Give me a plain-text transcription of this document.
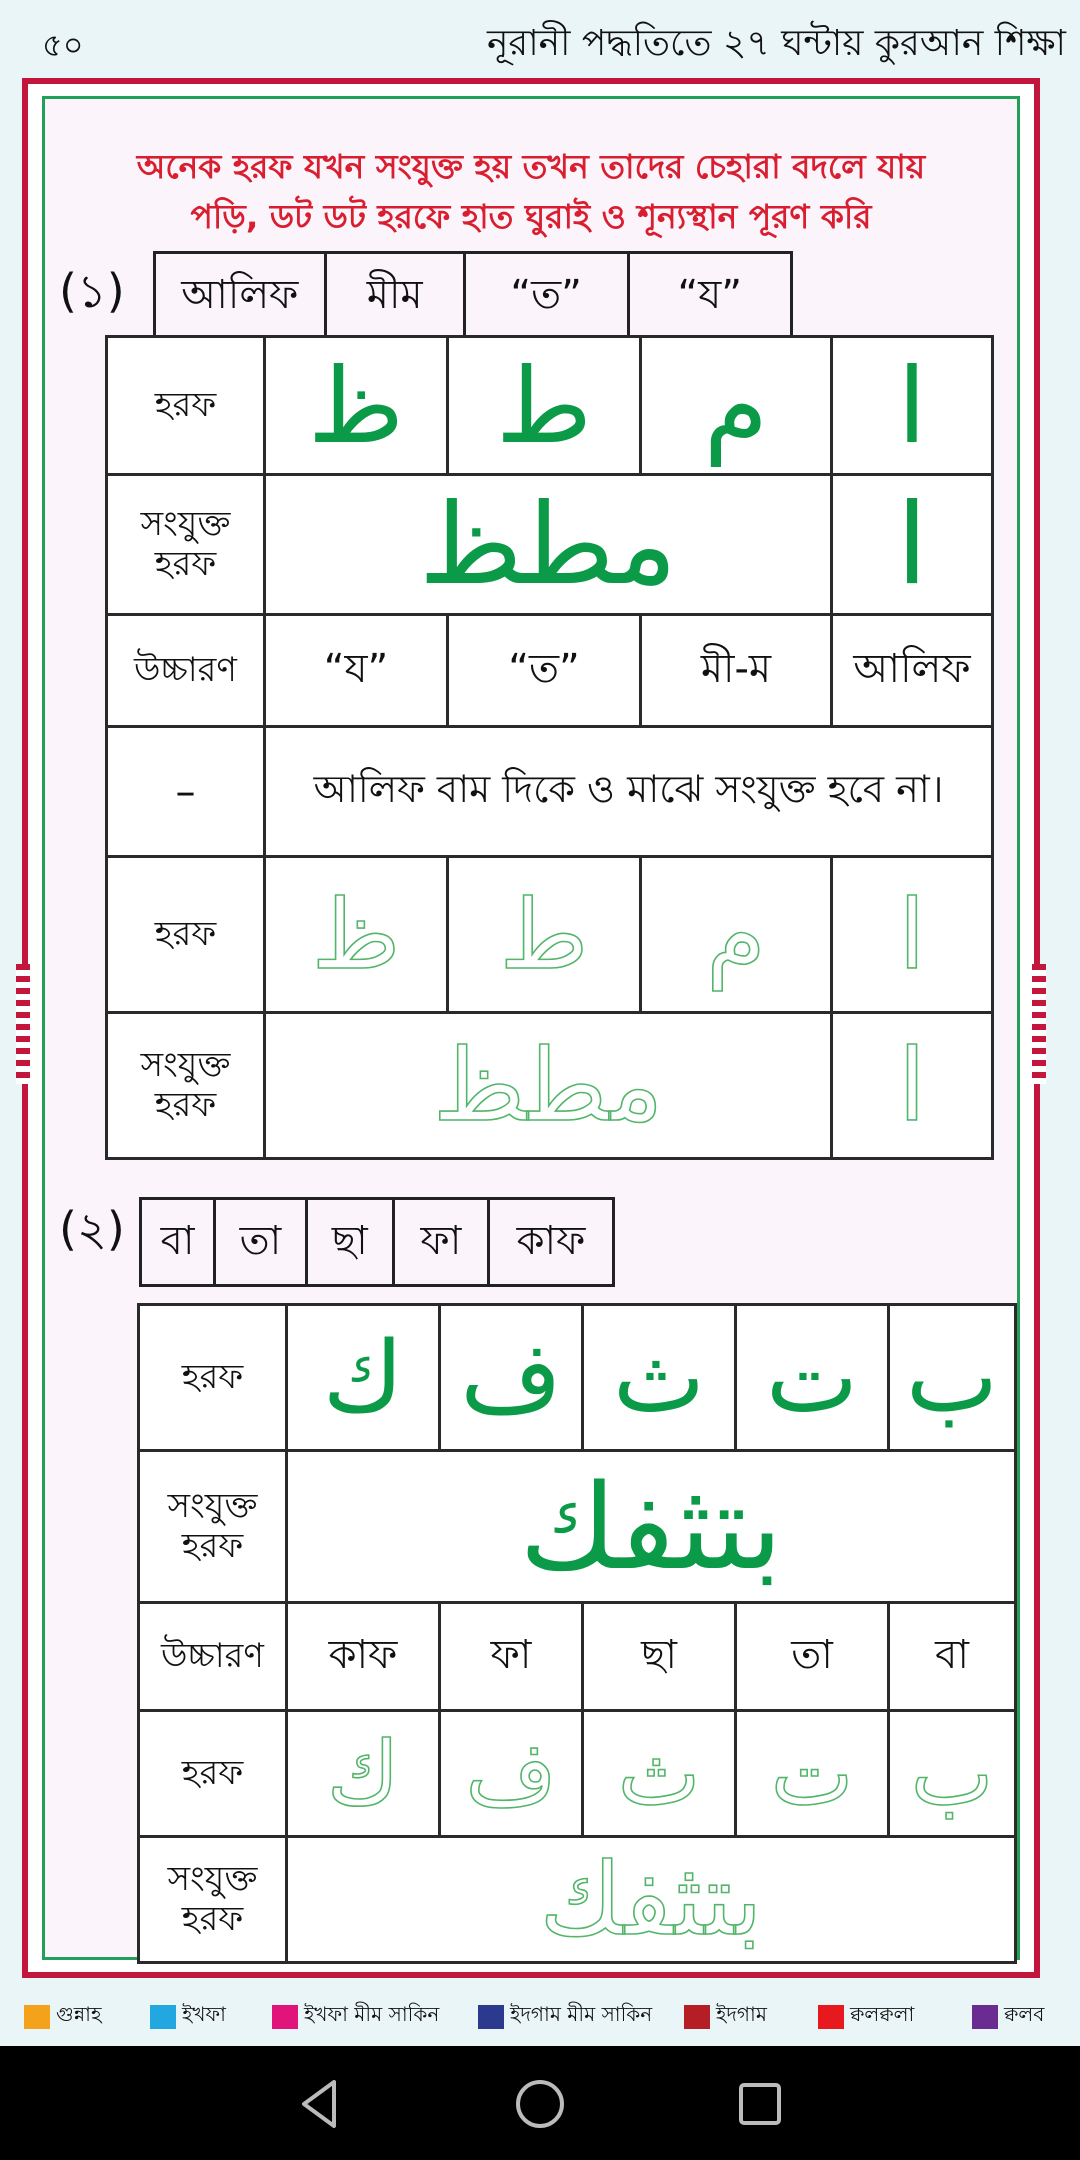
৫০	নূরানী পদ্ধতিতে ২৭ ঘন্টায় কুরআন শিক্ষা
অনেক হরফ যখন সংযুক্ত হয় তখন তাদের চেহারা বদলে যায়
পড়ি, ডট ডট হরফে হাত ঘুরাই ও শূন্যস্থান পূরণ করি
(১) আলিফ	মীম	“ত”	“য”
হরফ	ظ	ط	م	ا
সংযুক্ত
হরফ	مطظ			ا
উচ্চারণ	“য”	“ত”	মী-ম	আলিফ
–	আলিফ বাম দিকে ও মাঝে সংযুক্ত হবে না।			
হরফ	ظ	ط	م	ا
সংযুক্ত
হরফ	مطظ			ا
(২) বা	তা	ছা	ফা	কাফ
হরফ	ك	ف	ث	ت	ب
সংযুক্ত
হরফ	بتثفك				
উচ্চারণ	কাফ	ফা	ছা	তা	বা
হরফ	ك	ف	ث	ت	ب
সংযুক্ত
হরফ	بتثفك				
গুন্নাহ	ইখফা	ইখফা মীম সাকিন	ইদগাম মীম সাকিন	ইদগাম	ক্বলক্বলা	ক্বলব
